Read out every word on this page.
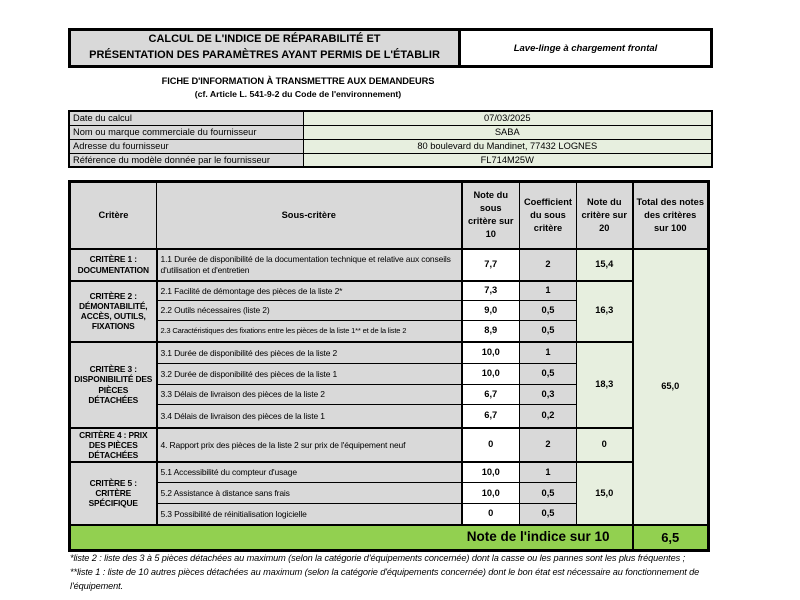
CALCUL DE L'INDICE DE RÉPARABILITÉ ET
PRÉSENTATION DES PARAMÈTRES AYANT PERMIS DE L'ÉTABLIR
Lave-linge à chargement frontal
FICHE D'INFORMATION À TRANSMETTRE AUX DEMANDEURS
(cf. Article L. 541-9-2 du Code de l'environnement)
Date du calcul	07/03/2025
Nom ou marque commerciale du fournisseur	SABA
Adresse du fournisseur	80 boulevard du Mandinet, 77432 LOGNES
Référence du modèle donnée par le fournisseur	FL714M25W
Critère	Sous-critère	Note du sous critère sur 10	Coefficient du sous critère	Note du critère sur 20	Total des notes des critères sur 100
CRITÈRE 1 : DOCUMENTATION	1.1 Durée de disponibilité de la documentation technique et relative aux conseils d'utilisation et d'entretien	7,7	2	15,4	65,0
CRITÈRE 2 : DÉMONTABILITÉ, ACCÈS, OUTILS, FIXATIONS	2.1 Facilité de démontage des pièces de la liste 2*	7,3	1	16,3	
	2.2 Outils nécessaires (liste 2)	9,0	0,5		
	2.3 Caractéristiques des fixations entre les pièces de la liste 1** et de la liste 2	8,9	0,5		
CRITÈRE 3 : DISPONIBILITÉ DES PIÈCES DÉTACHÉES	3.1 Durée de disponibilité des pièces de la liste 2	10,0	1	18,3	
	3.2 Durée de disponibilité des pièces de la liste 1	10,0	0,5		
	3.3 Délais de livraison des pièces de la liste 2	6,7	0,3		
	3.4 Délais de livraison des pièces de la liste 1	6,7	0,2		
CRITÈRE 4 : PRIX DES PIÈCES DÉTACHÉES	4. Rapport prix des pièces de la liste 2 sur prix de l'équipement neuf	0	2	0	
CRITÈRE 5 : CRITÈRE SPÉCIFIQUE	5.1 Accessibilité du compteur d'usage	10,0	1	15,0	
	5.2 Assistance à distance sans frais	10,0	0,5		
	5.3 Possibilité de réinitialisation logicielle	0	0,5		
Note de l'indice sur 10					6,5
*liste 2 : liste des 3 à 5 pièces détachées au maximum (selon la catégorie d'équipements concernée) dont la casse ou les pannes sont les plus fréquentes ;
**liste 1 : liste de 10 autres pièces détachées au maximum (selon la catégorie d'équipements concernée) dont le bon état est nécessaire au fonctionnement de l'équipement.
